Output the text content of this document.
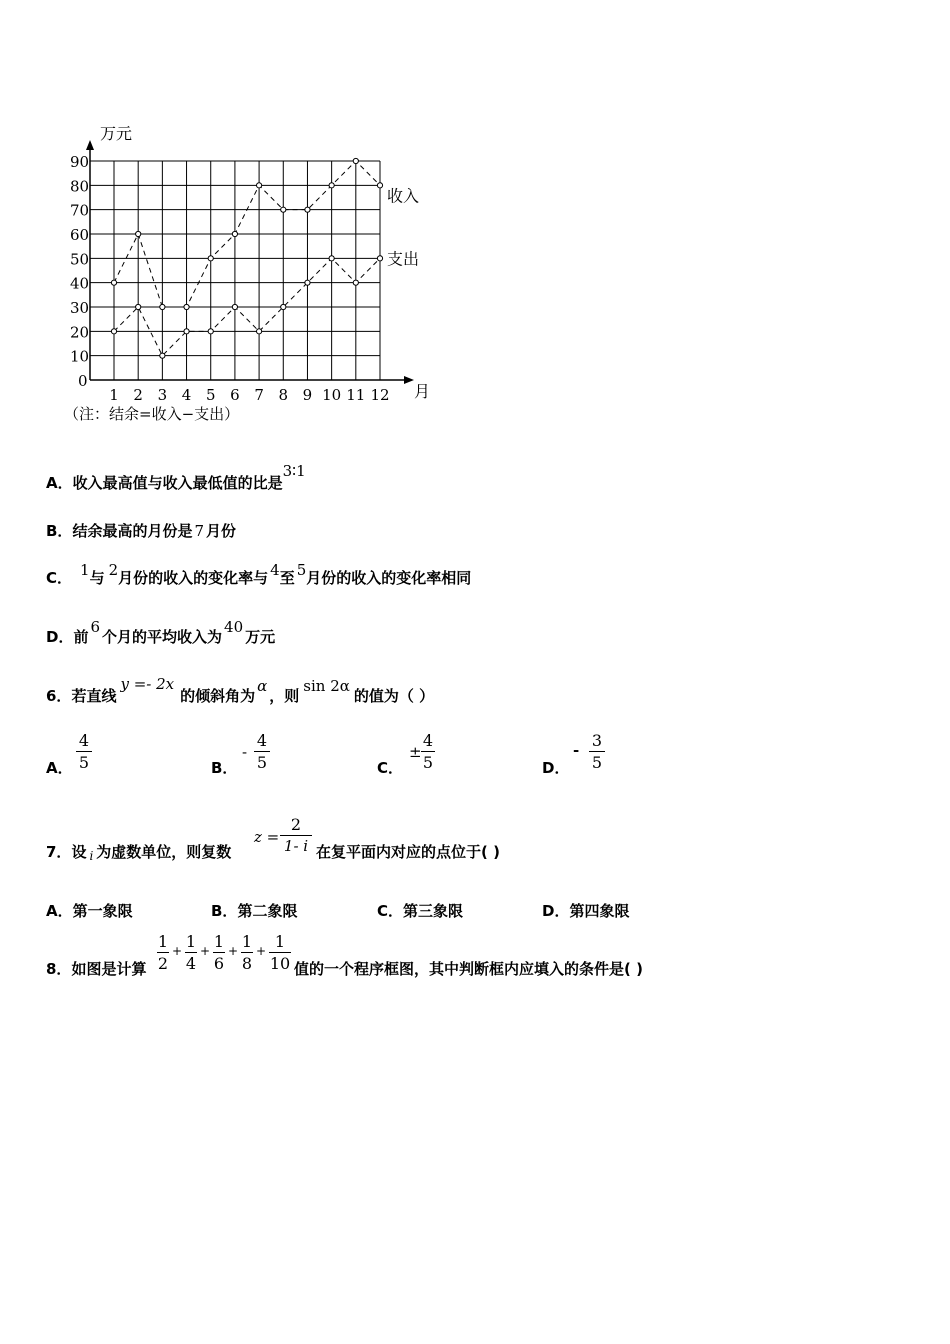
0
10
20
30
40
50
60
70
80
90
1 2 3 4 5 6 7 8 9 10 11 12
万元
月
（注：结余=收入−支出）
收入
支出
A．收入最高值与收入最低值的比是3∶1
B．结余最高的月份是 7 月份
C． 1与 2月份的收入的变化率与 4至 5月份的收入的变化率相同
D．前6个月的平均收入为40万元
6．若直线y =- 2x的倾斜角为α，则sin 2α的值为（ ）
A．
4
5	B．
-
4
5	C．
±
4
5	D．
- 3
5
7．设 $_i$ 为虚数单位，则复数
z =
2
1- i 在复平面内对应的点位于( )
A．第一象限	B．第二象限	C．第三象限	D．第四象限
8．如图是计算
1
2
+ 1
4
+ 1
6
+ 1
8
+ 1
10 值的一个程序框图，其中判断框内应填入的条件是( )
